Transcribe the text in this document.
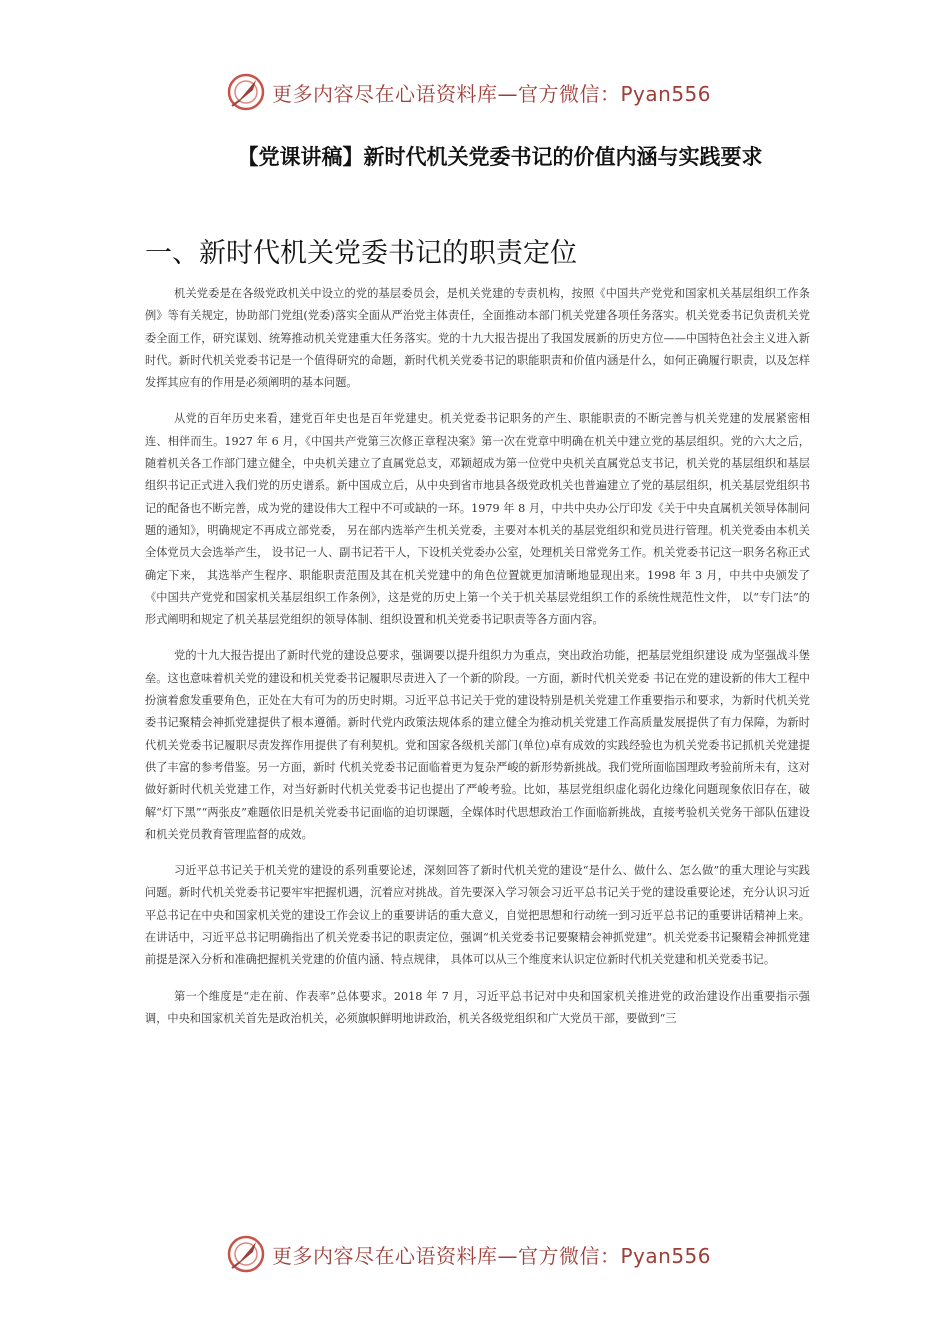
更多内容尽在心语资料库—官方微信：Pyan556
【党课讲稿】新时代机关党委书记的价值内涵与实践要求
一、新时代机关党委书记的职责定位

机关党委是在各级党政机关中设立的党的基层委员会，是机关党建的专责机构，按照《中国共产党党和国家机关基层组织工作条例》等有关规定，协助部门党组(党委)落实全面从严治党主体责任，全面推动本部门机关党建各项任务落实。机关党委书记负责机关党委全面工作，研究谋划、统筹推动机关党建重大任务落实。党的十九大报告提出了我国发展新的历史方位——中国特色社会主义进入新时代。新时代机关党委书记是一个值得研究的命题，新时代机关党委书记的职能职责和价值内涵是什么，如何正确履行职责，以及怎样发挥其应有的作用是必须阐明的基本问题。

从党的百年历史来看，建党百年史也是百年党建史。机关党委书记职务的产生、职能职责的不断完善与机关党建的发展紧密相连、相伴而生。1927 年 6 月，《中国共产党第三次修正章程决案》第一次在党章中明确在机关中建立党的基层组织。党的六大之后，随着机关各工作部门建立健全，中央机关建立了直属党总支，邓颖超成为第一位党中央机关直属党总支书记，机关党的基层组织和基层组织书记正式进入我们党的历史谱系。新中国成立后，从中央到省市地县各级党政机关也普遍建立了党的基层组织，机关基层党组织书记的配备也不断完善，成为党的建设伟大工程中不可或缺的一环。1979 年 8 月，中共中央办公厅印发《关于中央直属机关领导体制问题的通知》，明确规定不再成立部党委， 另在部内选举产生机关党委，主要对本机关的基层党组织和党员进行管理。机关党委由本机关全体党员大会选举产生， 设书记一人、副书记若干人，下设机关党委办公室，处理机关日常党务工作。机关党委书记这一职务名称正式确定下来， 其选举产生程序、职能职责范围及其在机关党建中的角色位置就更加清晰地显现出来。1998 年 3 月，中共中央颁发了《中国共产党党和国家机关基层组织工作条例》，这是党的历史上第一个关于机关基层党组织工作的系统性规范性文件， 以“专门法”的形式阐明和规定了机关基层党组织的领导体制、组织设置和机关党委书记职责等各方面内容。

党的十九大报告提出了新时代党的建设总要求，强调要以提升组织力为重点，突出政治功能，把基层党组织建设 成为坚强战斗堡垒。这也意味着机关党的建设和机关党委书记履职尽责进入了一个新的阶段。一方面，新时代机关党委 书记在党的建设新的伟大工程中扮演着愈发重要角色，正处在大有可为的历史时期。习近平总书记关于党的建设特别是机关党建工作重要指示和要求，为新时代机关党委书记聚精会神抓党建提供了根本遵循。新时代党内政策法规体系的建立健全为推动机关党建工作高质量发展提供了有力保障，为新时代机关党委书记履职尽责发挥作用提供了有利契机。党和国家各级机关部门(单位)卓有成效的实践经验也为机关党委书记抓机关党建提供了丰富的参考借鉴。另一方面，新时 代机关党委书记面临着更为复杂严峻的新形势新挑战。我们党所面临国理政考验前所未有，这对做好新时代机关党建工作，对当好新时代机关党委书记也提出了严峻考验。比如，基层党组织虚化弱化边缘化问题现象依旧存在，破解“灯下黑”“两张皮”难题依旧是机关党委书记面临的迫切课题，全媒体时代思想政治工作面临新挑战，直接考验机关党务干部队伍建设和机关党员教育管理监督的成效。

习近平总书记关于机关党的建设的系列重要论述，深刻回答了新时代机关党的建设“是什么、做什么、怎么做”的重大理论与实践问题。新时代机关党委书记要牢牢把握机遇，沉着应对挑战。首先要深入学习领会习近平总书记关于党的建设重要论述，充分认识习近平总书记在中央和国家机关党的建设工作会议上的重要讲话的重大意义，自觉把思想和行动统一到习近平总书记的重要讲话精神上来。在讲话中，习近平总书记明确指出了机关党委书记的职责定位，强调“机关党委书记要聚精会神抓党建”。机关党委书记聚精会神抓党建前提是深入分析和准确把握机关党建的价值内涵、特点规律， 具体可以从三个维度来认识定位新时代机关党建和机关党委书记。

第一个维度是“走在前、作表率”总体要求。2018 年 7 月，习近平总书记对中央和国家机关推进党的政治建设作出重要指示强调，中央和国家机关首先是政治机关，必须旗帜鲜明地讲政治，机关各级党组织和广大党员干部，要做到“三

更多内容尽在心语资料库—官方微信：Pyan556
